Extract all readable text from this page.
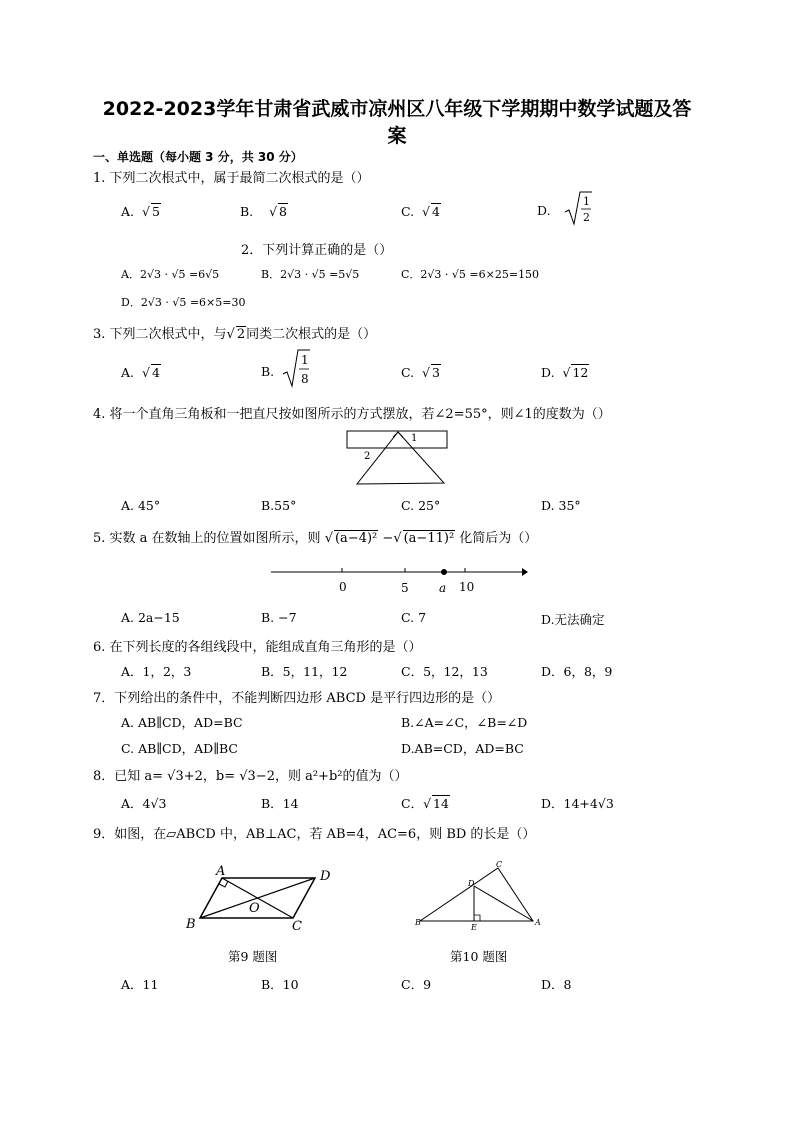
2022-2023学年甘肃省武威市凉州区八年级下学期期中数学试题及答
案
一、单选题（每小题 3 分，共 30 分）
1. 下列二次根式中，属于最简二次根式的是（）
A.  √ 5	B.    √ 8	C.  √ 4	D.
1
2
2．下列计算正确的是（）
A．2√3 · √5 =6√5	B．2√3 · √5 =5√5	C．2√3 · √5 =6×25=150
D．2√3 · √5 =6×5=30
3. 下列二次根式中，与√ 2同类二次根式的是（）
A.  √ 4	B.
1
8	C.  √ 3	D.  √ 12
4. 将一个直角三角板和一把直尺按如图所示的方式摆放，若∠2=55°，则∠1的度数为（）
1
2
A. 45°	B.55°	C. 25°	D. 35°
5. 实数 a 在数轴上的位置如图所示，则 √ (a−4)² −√ (a−11)² 化简后为（）
0	5	a 10
A. 2a−15	B. −7	C. 7	D.无法确定
6. 在下列长度的各组线段中，能组成直角三角形的是（）
A．1，2，3	B．5，11，12	C．5，12，13	D．6，8，9
7．下列给出的条件中，不能判断四边形 ABCD 是平行四边形的是（）
A. AB∥CD，AD=BC	B.∠A=∠C，∠B=∠D
C. AB∥CD，AD∥BC	D.AB=CD，AD=BC
8．已知 a= √3+2，b= √3−2，则 a²+b²的值为（）
A．4√3	B．14	C．√ 14	D．14+4√3
9．如图，在▱ABCD 中，AB⊥AC，若 AB=4，AC=6，则 BD 的长是（）
A	D
B	C
O
第9 题图
C
D
B
E
A
第10 题图
A．11	B．10	C．9	D．8
